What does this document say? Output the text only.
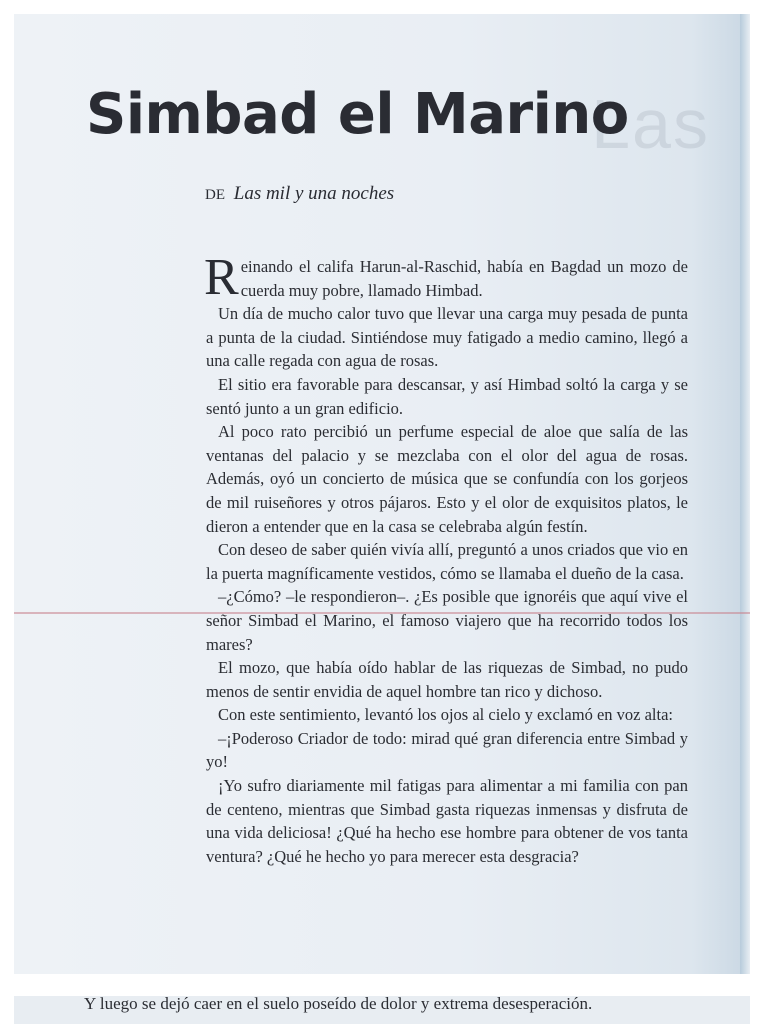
Las
Simbad el Marino
DE Las mil y una noches

Reinando el califa Harun-al-Raschid, había en Bagdad un mozo de cuerda muy pobre, llamado Himbad.

Un día de mucho calor tuvo que llevar una carga muy pesada de punta a punta de la ciudad. Sintiéndose muy fatigado a medio camino, llegó a una calle regada con agua de rosas.

El sitio era favorable para descansar, y así Himbad soltó la carga y se sentó junto a un gran edificio.

Al poco rato percibió un perfume especial de aloe que salía de las ventanas del palacio y se mezclaba con el olor del agua de rosas. Además, oyó un concierto de música que se confundía con los gorjeos de mil ruiseñores y otros pájaros. Esto y el olor de exquisitos platos, le dieron a entender que en la casa se celebraba algún festín.

Con deseo de saber quién vivía allí, preguntó a unos criados que vio en la puerta magníficamente vestidos, cómo se llamaba el dueño de la casa.

–¿Cómo? –le respondieron–. ¿Es posible que ignoréis que aquí vive el señor Simbad el Marino, el famoso viajero que ha recorrido todos los mares?

El mozo, que había oído hablar de las riquezas de Simbad, no pudo menos de sentir envidia de aquel hombre tan rico y dichoso.

Con este sentimiento, levantó los ojos al cielo y exclamó en voz alta:

–¡Poderoso Criador de todo: mirad qué gran diferencia entre Simbad y yo!

¡Yo sufro diariamente mil fatigas para alimentar a mi familia con pan de centeno, mientras que Simbad gasta riquezas inmensas y disfruta de una vida deliciosa! ¿Qué ha hecho ese hombre para obtener de vos tanta ventura? ¿Qué he hecho yo para merecer esta desgracia?

Y luego se dejó caer en el suelo poseído de dolor y extrema desesperación.
